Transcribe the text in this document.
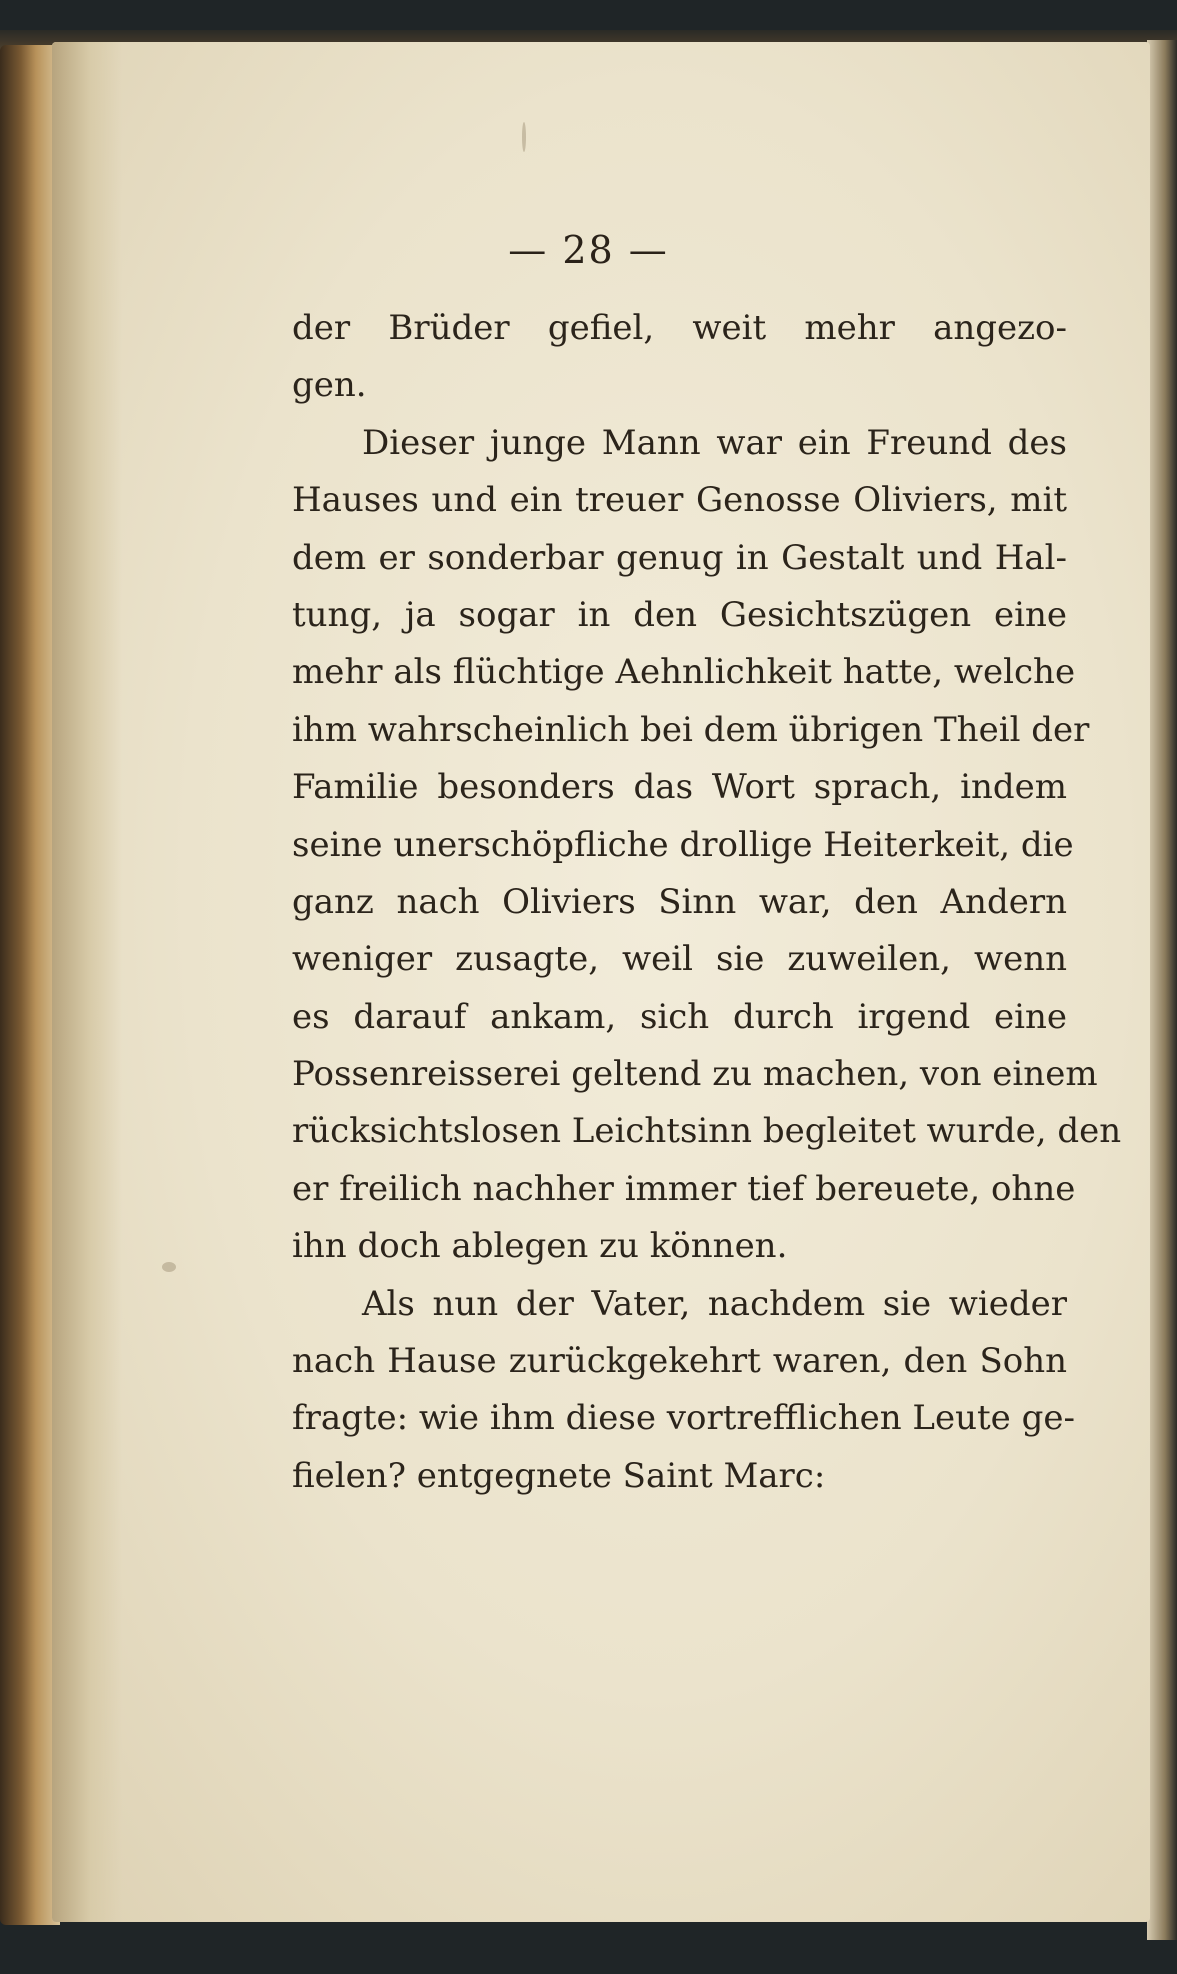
— 28 —
der Brüder gefiel, weit mehr angezo-
gen.
Dieser junge Mann war ein Freund des
Hauses und ein treuer Genosse Oliviers, mit
dem er sonderbar genug in Gestalt und Hal-
tung, ja sogar in den Gesichtszügen eine
mehr als flüchtige Aehnlichkeit hatte, welche
ihm wahrscheinlich bei dem übrigen Theil der
Familie besonders das Wort sprach, indem
seine unerschöpfliche drollige Heiterkeit, die
ganz nach Oliviers Sinn war, den Andern
weniger zusagte, weil sie zuweilen, wenn
es darauf ankam, sich durch irgend eine
Possenreisserei geltend zu machen, von einem
rücksichtslosen Leichtsinn begleitet wurde, den
er freilich nachher immer tief bereuete, ohne
ihn doch ablegen zu können.
Als nun der Vater, nachdem sie wieder
nach Hause zurückgekehrt waren, den Sohn
fragte: wie ihm diese vortrefflichen Leute ge-
fielen? entgegnete Saint Marc:
